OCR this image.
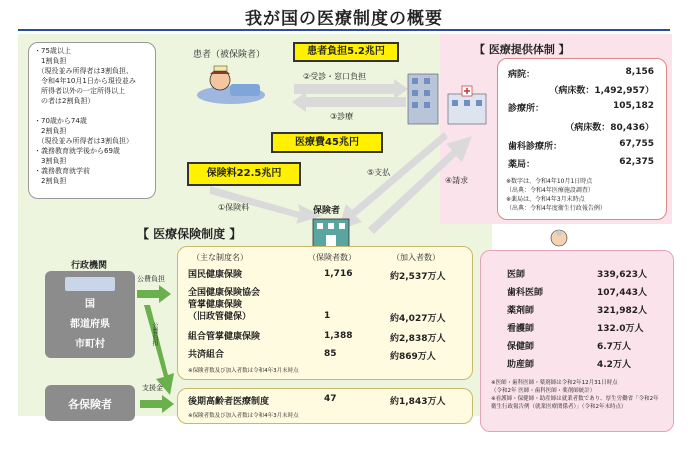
我が国の医療制度の概要
・75歳以上
　1割負担
　（現役並み所得者は3割負担、
　令和4年10月1日から現役並み
　所得者以外の一定所得以上
　の者は2割負担）
・70歳から74歳
　2割負担
　（現役並み所得者は3割負担）
・義務教育就学後から69歳
　3割負担
・義務教育就学前
　2割負担
患者（被保険者）	患者負担5.2兆円
②受診・窓口負担
③診療
医療費45兆円
保険料22.5兆円
①保険料
⑤支払
④請求
保険者
【 医療提供体制 】
病院：	8,156
（病床数：1,492,957）
診療所：	105,182
（病床数：80,436）
歯科診療所：	67,755
薬局：	62,375
※数字は、令和4年10月1日時点
（出典：令和4年医療施設調査）
※薬局は、令和4年3月末時点
（出典：令和4年度衛生行政報告例）
医師	339,623人
歯科医師	107,443人
薬剤師	321,982人
看護師	132.0万人
保健師	6.7万人
助産師	4.2万人
※医師・歯科医師・薬剤師は令和2年12月31日時点
（令和2年 医師・歯科医師・薬剤師統計）
※看護師・保健師・助産師は就業者数であり、厚生労働省「令和2年
衛生行政報告例（就業医療関係者）」（令和2年末時点）
【 医療保険制度 】
（主な制度名）	（保険者数）	（加入者数）
国民健康保険	1,716	約2,537万人
全国健康保険協会
管掌健康保険
（旧政管健保）	1	約4,027万人
組合管掌健康保険	1,388	約2,838万人
共済組合	85	約869万人
※保険者数及び加入者数は令和4年3月末時点
後期高齢者医療制度	47	約1,843万人
※保険者数及び加入者数は令和4年3月末時点
行政機関
国
都道府県
市町村
公費負担
公費負担
支援金
各保険者
